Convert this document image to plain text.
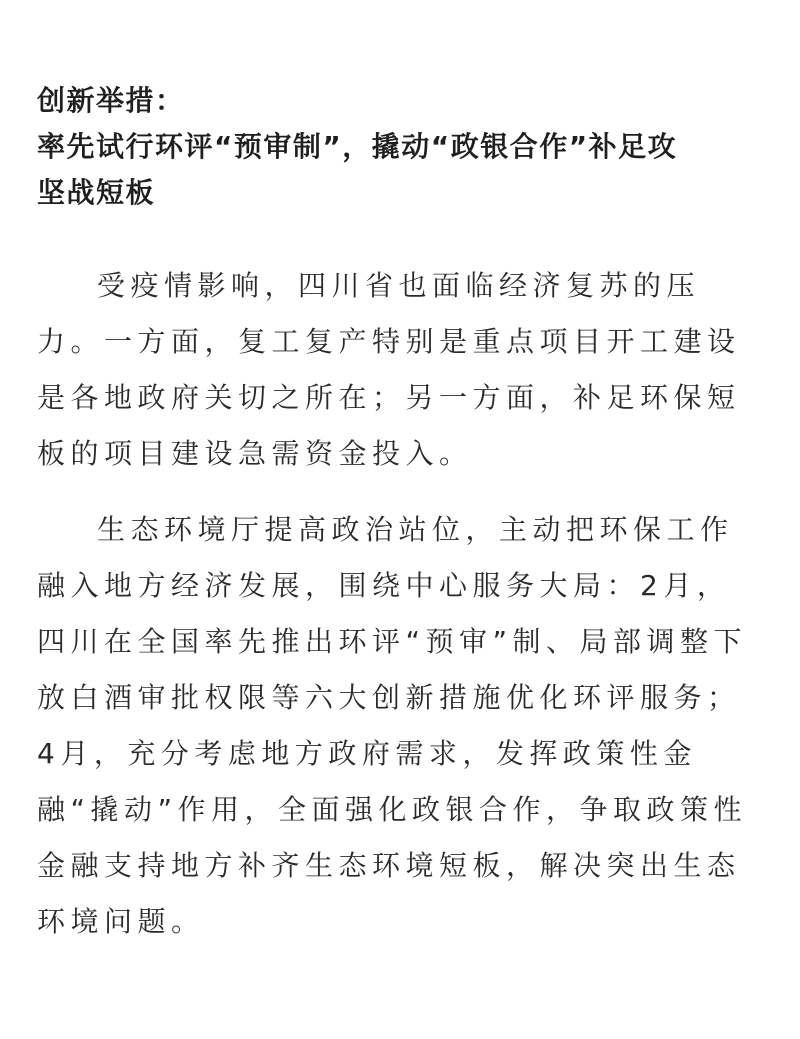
创新举措：
率先试行环评“预审制”，撬动“政银合作”补足攻
坚战短板

受疫情影响，四川省也面临经济复苏的压
力。一方面，复工复产特别是重点项目开工建设
是各地政府关切之所在；另一方面，补足环保短
板的项目建设急需资金投入。

生态环境厅提高政治站位，主动把环保工作
融入地方经济发展，围绕中心服务大局：2月，
四川在全国率先推出环评“预审”制、局部调整下
放白酒审批权限等六大创新措施优化环评服务；
4月，充分考虑地方政府需求，发挥政策性金
融“撬动”作用，全面强化政银合作，争取政策性
金融支持地方补齐生态环境短板，解决突出生态
环境问题。
